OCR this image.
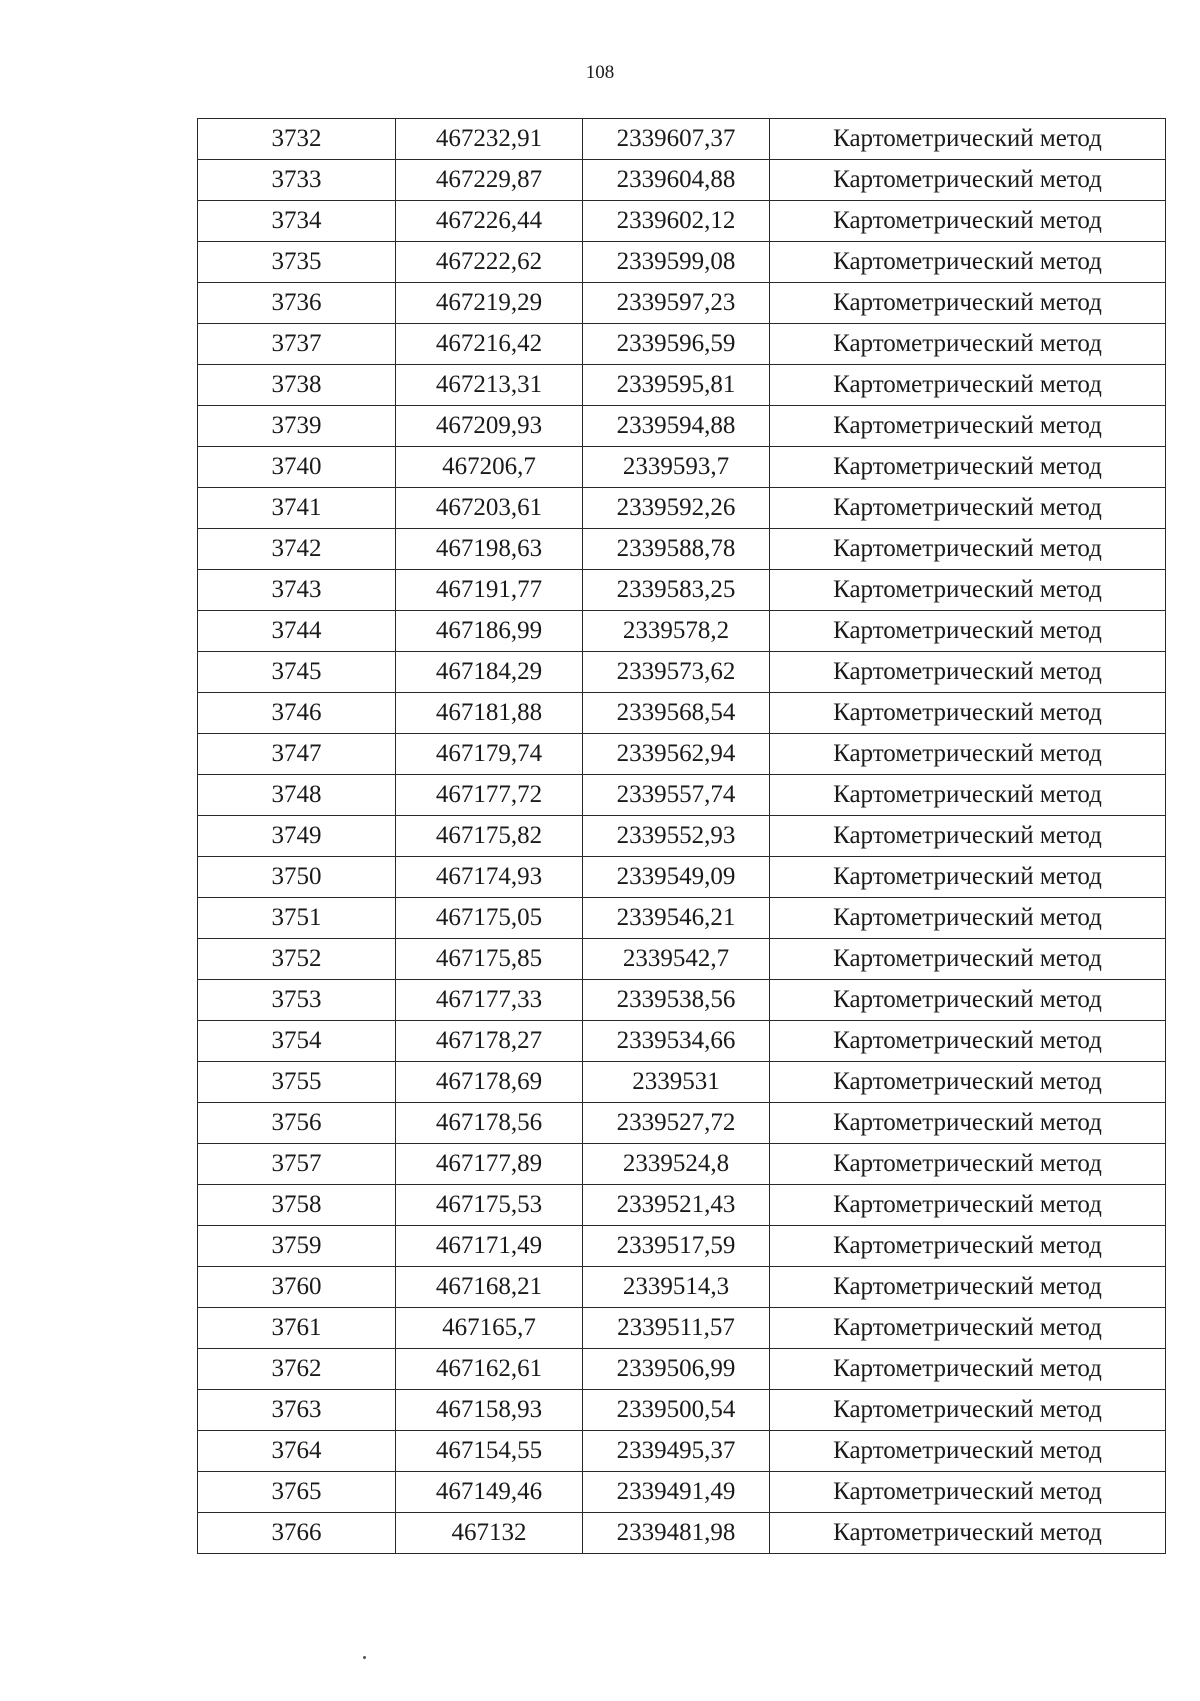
108
3732	467232,91	2339607,37	Картометрический метод
3733	467229,87	2339604,88	Картометрический метод
3734	467226,44	2339602,12	Картометрический метод
3735	467222,62	2339599,08	Картометрический метод
3736	467219,29	2339597,23	Картометрический метод
3737	467216,42	2339596,59	Картометрический метод
3738	467213,31	2339595,81	Картометрический метод
3739	467209,93	2339594,88	Картометрический метод
3740	467206,7	2339593,7	Картометрический метод
3741	467203,61	2339592,26	Картометрический метод
3742	467198,63	2339588,78	Картометрический метод
3743	467191,77	2339583,25	Картометрический метод
3744	467186,99	2339578,2	Картометрический метод
3745	467184,29	2339573,62	Картометрический метод
3746	467181,88	2339568,54	Картометрический метод
3747	467179,74	2339562,94	Картометрический метод
3748	467177,72	2339557,74	Картометрический метод
3749	467175,82	2339552,93	Картометрический метод
3750	467174,93	2339549,09	Картометрический метод
3751	467175,05	2339546,21	Картометрический метод
3752	467175,85	2339542,7	Картометрический метод
3753	467177,33	2339538,56	Картометрический метод
3754	467178,27	2339534,66	Картометрический метод
3755	467178,69	2339531	Картометрический метод
3756	467178,56	2339527,72	Картометрический метод
3757	467177,89	2339524,8	Картометрический метод
3758	467175,53	2339521,43	Картометрический метод
3759	467171,49	2339517,59	Картометрический метод
3760	467168,21	2339514,3	Картометрический метод
3761	467165,7	2339511,57	Картометрический метод
3762	467162,61	2339506,99	Картометрический метод
3763	467158,93	2339500,54	Картометрический метод
3764	467154,55	2339495,37	Картометрический метод
3765	467149,46	2339491,49	Картометрический метод
3766	467132	2339481,98	Картометрический метод
